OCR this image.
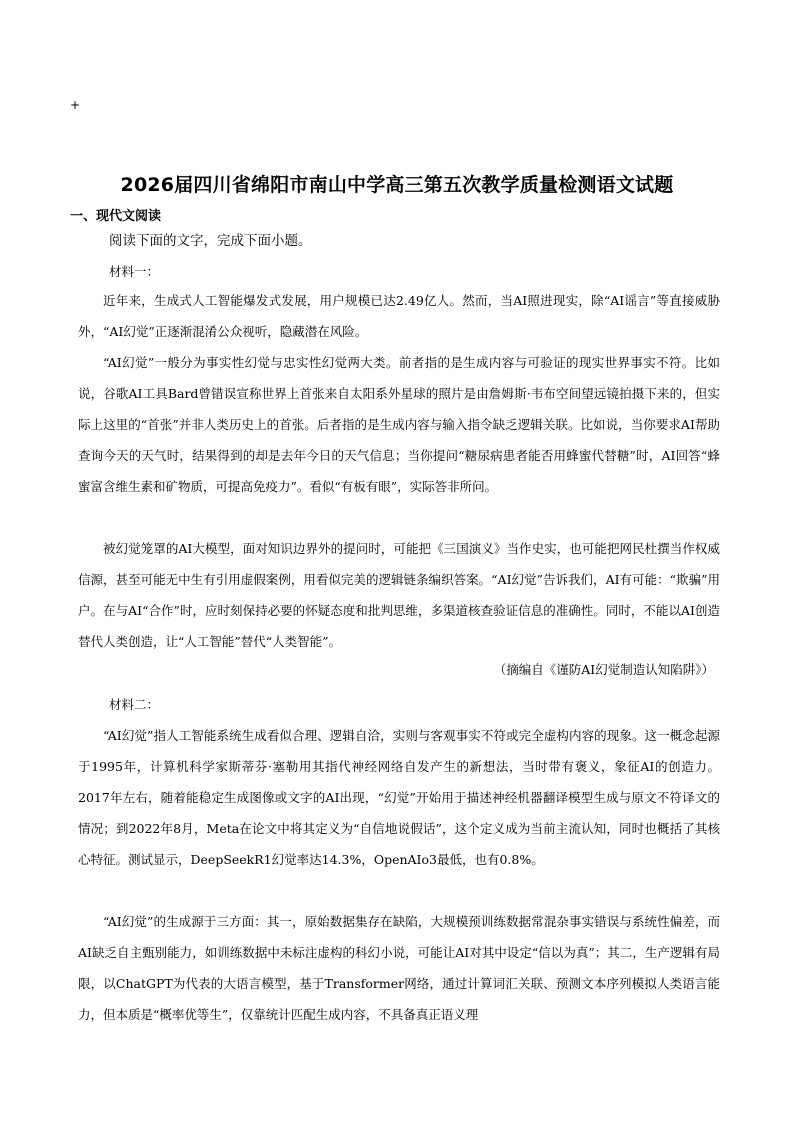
+
2026届四川省绵阳市南山中学高三第五次教学质量检测语文试题
一、现代文阅读
阅读下面的文字，完成下面小题。
材料一：

近年来，生成式人工智能爆发式发展，用户规模已达2.49亿人。然而，当AI照进现实，除“AI谣言”等直接威胁外，“AI幻觉”正逐渐混淆公众视听，隐藏潜在风险。

“AI幻觉”一般分为事实性幻觉与忠实性幻觉两大类。前者指的是生成内容与可验证的现实世界事实不符。比如说，谷歌AI工具Bard曾错误宣称世界上首张来自太阳系外星球的照片是由詹姆斯·韦布空间望远镜拍摄下来的，但实际上这里的“首张”并非人类历史上的首张。后者指的是生成内容与输入指令缺乏逻辑关联。比如说，当你要求AI帮助查询今天的天气时，结果得到的却是去年今日的天气信息；当你提问“糖尿病患者能否用蜂蜜代替糖”时，AI回答“蜂蜜富含维生素和矿物质，可提高免疫力”。看似“有板有眼”，实际答非所问。

被幻觉笼罩的AI大模型，面对知识边界外的提问时，可能把《三国演义》当作史实，也可能把网民杜撰当作权威信源，甚至可能无中生有引用虚假案例，用看似完美的逻辑链条编织答案。“AI幻觉”告诉我们，AI有可能：“欺骗”用户。在与AI“合作”时，应时刻保持必要的怀疑态度和批判思维，多渠道核查验证信息的准确性。同时，不能以AI创造替代人类创造，让“人工智能”替代“人类智能”。

（摘编自《谨防AI幻觉制造认知陷阱》）
材料二：

“AI幻觉”指人工智能系统生成看似合理、逻辑自洽，实则与客观事实不符或完全虚构内容的现象。这一概念起源于1995年，计算机科学家斯蒂芬·塞勒用其指代神经网络自发产生的新想法，当时带有褒义，象征AI的创造力。2017年左右，随着能稳定生成图像或文字的AI出现，“幻觉”开始用于描述神经机器翻译模型生成与原文不符译文的情况；到2022年8月，Meta在论文中将其定义为“自信地说假话”，这个定义成为当前主流认知，同时也概括了其核心特征。测试显示，DeepSeekR1幻觉率达14.3%，OpenAIo3最低，也有0.8%。

“AI幻觉”的生成源于三方面：其一，原始数据集存在缺陷，大规模预训练数据常混杂事实错误与系统性偏差，而AI缺乏自主甄别能力，如训练数据中未标注虚构的科幻小说，可能让AI对其中设定“信以为真”；其二，生产逻辑有局限，以ChatGPT为代表的大语言模型，基于Transformer网络，通过计算词汇关联、预测文本序列模拟人类语言能力，但本质是“概率优等生”，仅靠统计匹配生成内容，不具备真正语义理
